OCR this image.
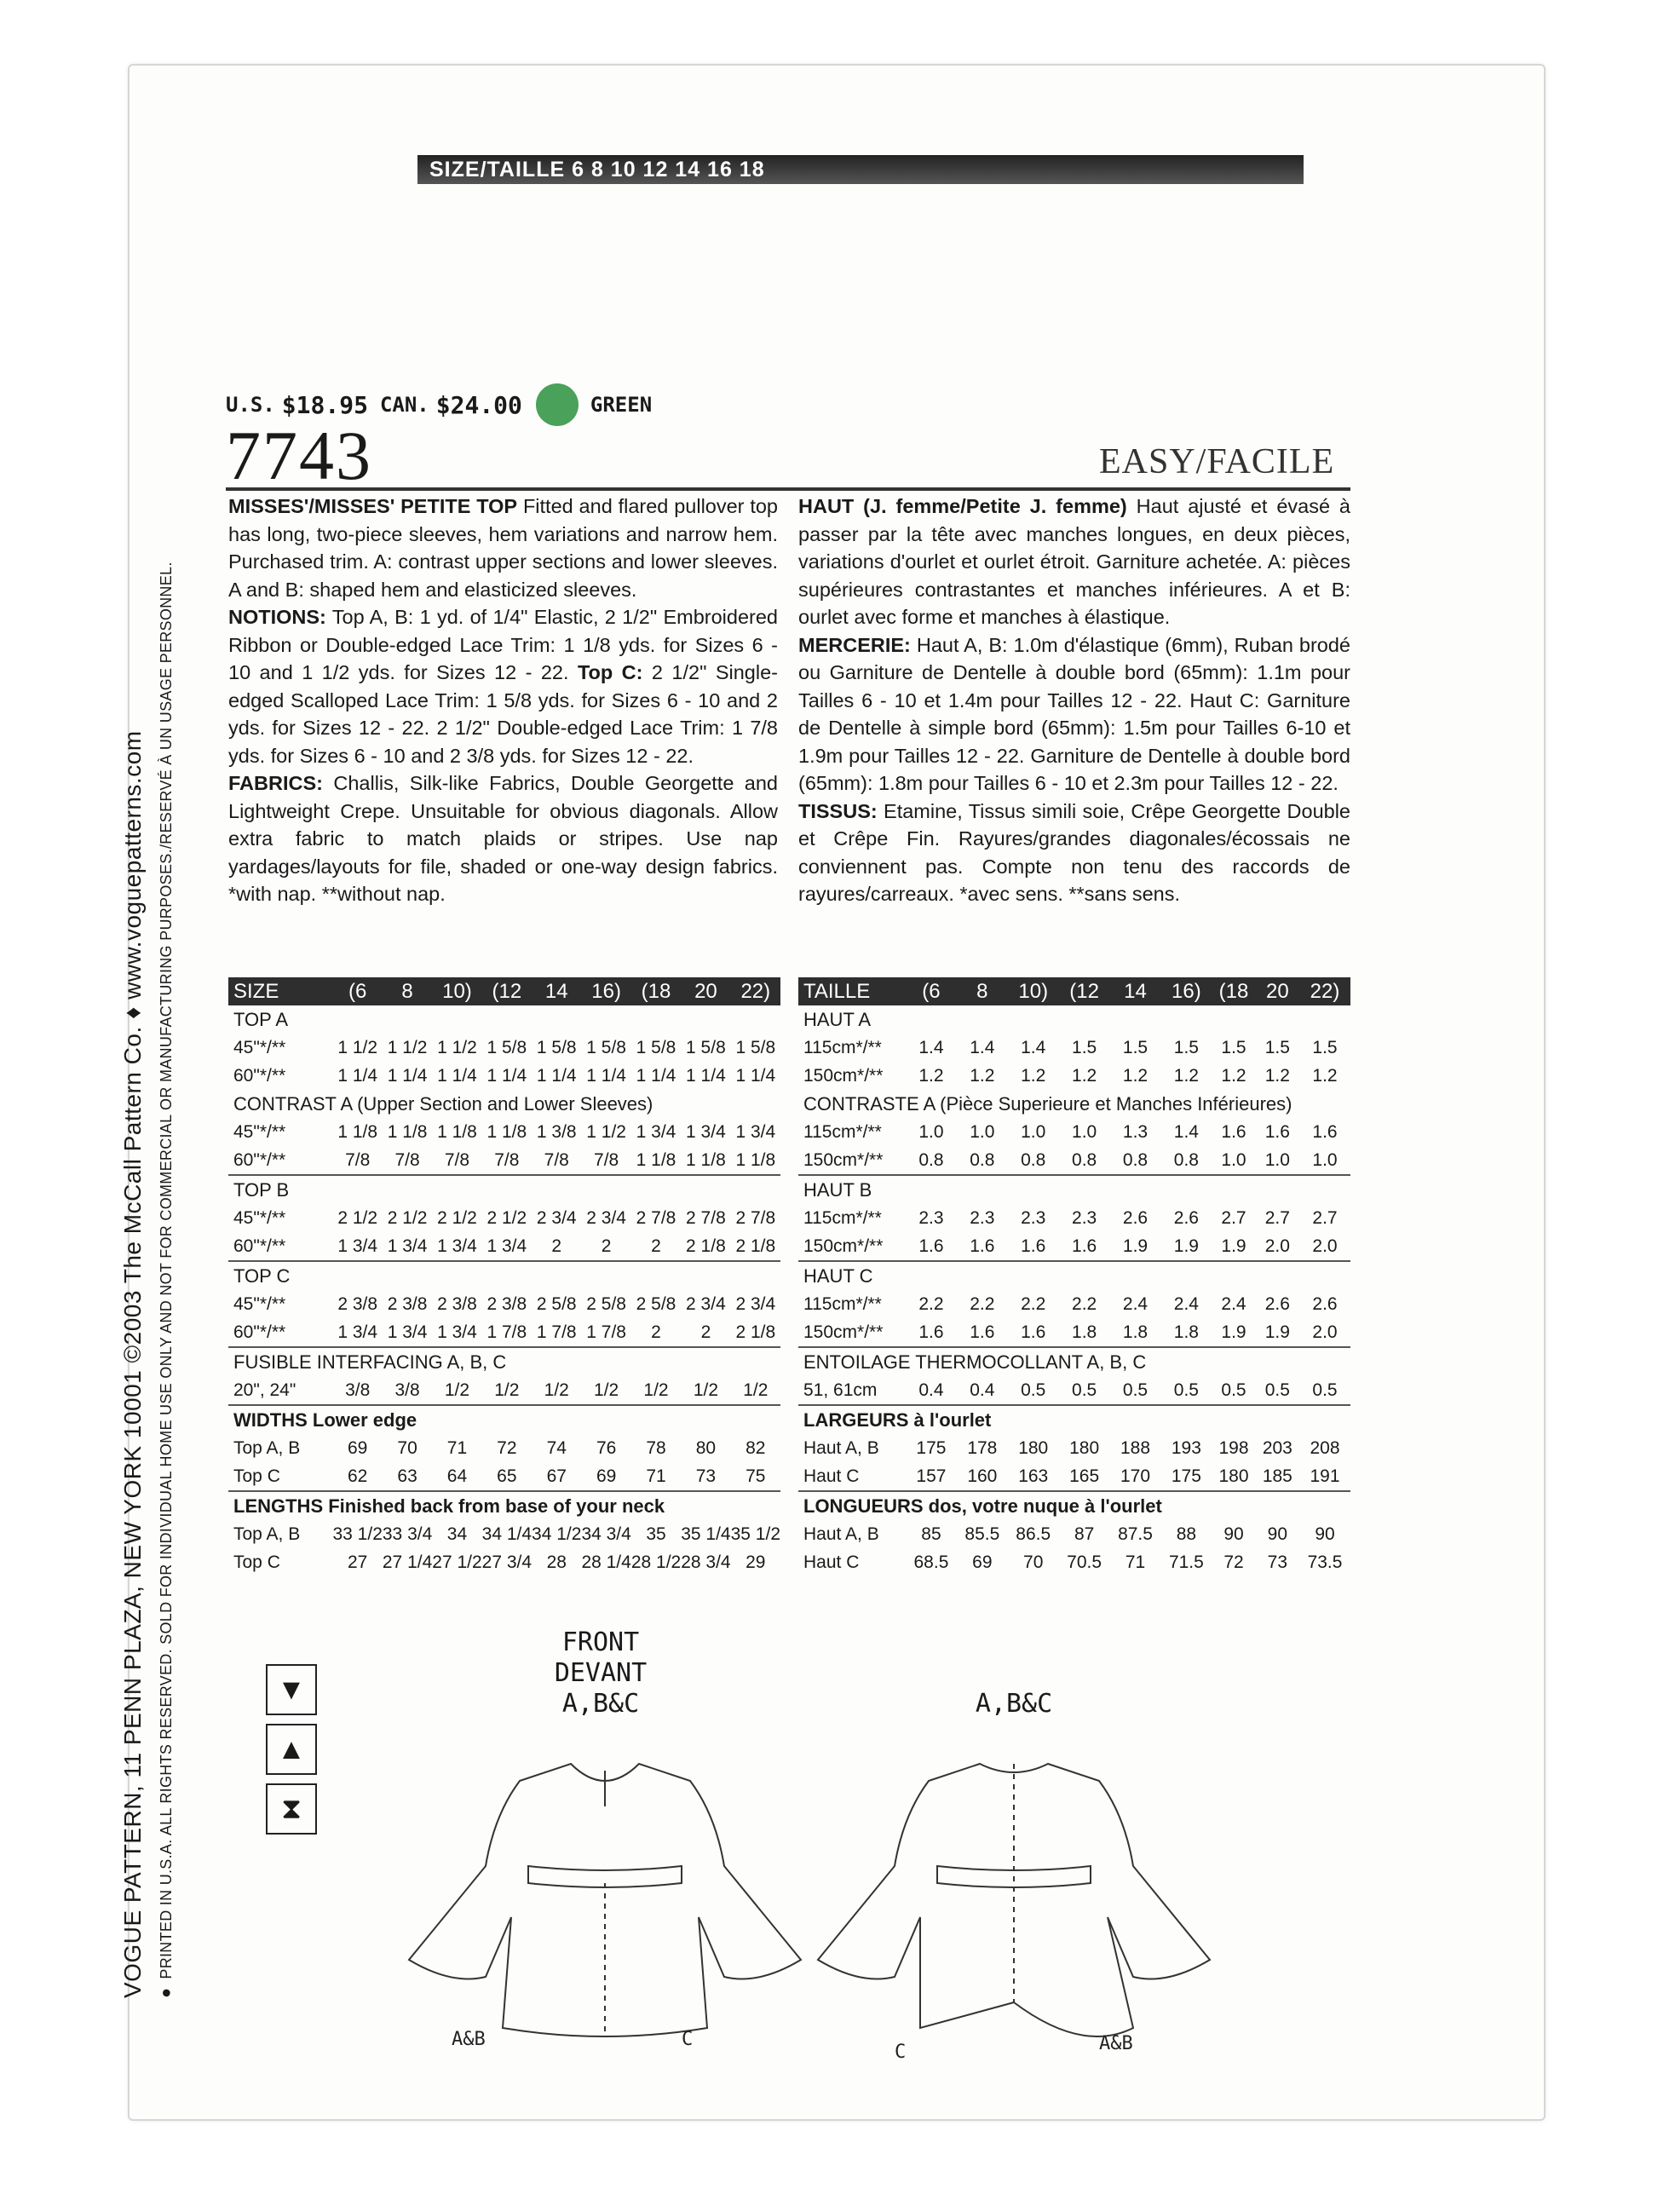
SIZE/TAILLE 6 8 10 12 14 16 18
VOGUE PATTERN, 11 PENN PLAZA, NEW YORK 10001 ©2003 The McCall Pattern Co. ♦ www.voguepatterns.com ●PRINTED IN U.S.A. ALL RIGHTS RESERVED. SOLD FOR INDIVIDUAL HOME USE ONLY AND NOT FOR COMMERCIAL OR MANUFACTURING PURPOSES./RESERVÉ À UN USAGE PERSONNEL.
U.S. $18.95 CAN. $24.00	GREEN
7743	EASY/FACILE
MISSES'/MISSES' PETITE TOP Fitted and flared pullover top has long, two-piece sleeves, hem variations and narrow hem. Purchased trim. A: contrast upper sections and lower sleeves. A and B: shaped hem and elasticized sleeves.
NOTIONS: Top A, B: 1 yd. of 1/4" Elastic, 2 1/2" Embroidered Ribbon or Double-edged Lace Trim: 1 1/8 yds. for Sizes 6 - 10 and 1 1/2 yds. for Sizes 12 - 22. Top C: 2 1/2" Single-edged Scalloped Lace Trim: 1 5/8 yds. for Sizes 6 - 10 and 2 yds. for Sizes 12 - 22. 2 1/2" Double-edged Lace Trim: 1 7/8 yds. for Sizes 6 - 10 and 2 3/8 yds. for Sizes 12 - 22.
FABRICS: Challis, Silk-like Fabrics, Double Georgette and Lightweight Crepe. Unsuitable for obvious diagonals. Allow extra fabric to match plaids or stripes. Use nap yardages/layouts for file, shaded or one-way design fabrics. *with nap. **without nap.
HAUT (J. femme/Petite J. femme) Haut ajusté et évasé à passer par la tête avec manches longues, en deux pièces, variations d'ourlet et ourlet étroit. Garniture achetée. A: pièces supérieures contrastantes et manches inférieures. A et B: ourlet avec forme et manches à élastique.
MERCERIE: Haut A, B: 1.0m d'élastique (6mm), Ruban brodé ou Garniture de Dentelle à double bord (65mm): 1.1m pour Tailles 6 - 10 et 1.4m pour Tailles 12 - 22. Haut C: Garniture de Dentelle à simple bord (65mm): 1.5m pour Tailles 6-10 et 1.9m pour Tailles 12 - 22. Garniture de Dentelle à double bord (65mm): 1.8m pour Tailles 6 - 10 et 2.3m pour Tailles 12 - 22.
TISSUS: Etamine, Tissus simili soie, Crêpe Georgette Double et Crêpe Fin. Rayures/grandes diagonales/écossais ne conviennent pas. Compte non tenu des raccords de rayures/carreaux. *avec sens. **sans sens.
SIZE	(6	8	10)	(12	14	16)	(18	20	22)
TOP A									
45"*/**	1 1/2	1 1/2	1 1/2	1 5/8	1 5/8	1 5/8	1 5/8	1 5/8	1 5/8
60"*/**	1 1/4	1 1/4	1 1/4	1 1/4	1 1/4	1 1/4	1 1/4	1 1/4	1 1/4
CONTRAST A (Upper Section and Lower Sleeves)									
45"*/**	1 1/8	1 1/8	1 1/8	1 1/8	1 3/8	1 1/2	1 3/4	1 3/4	1 3/4
60"*/**	7/8	7/8	7/8	7/8	7/8	7/8	1 1/8	1 1/8	1 1/8
TOP B									
45"*/**	2 1/2	2 1/2	2 1/2	2 1/2	2 3/4	2 3/4	2 7/8	2 7/8	2 7/8
60"*/**	1 3/4	1 3/4	1 3/4	1 3/4	2	2	2	2 1/8	2 1/8
TOP C									
45"*/**	2 3/8	2 3/8	2 3/8	2 3/8	2 5/8	2 5/8	2 5/8	2 3/4	2 3/4
60"*/**	1 3/4	1 3/4	1 3/4	1 7/8	1 7/8	1 7/8	2	2	2 1/8
FUSIBLE INTERFACING A, B, C									
20", 24"	3/8	3/8	1/2	1/2	1/2	1/2	1/2	1/2	1/2
WIDTHS Lower edge									
Top A, B	69	70	71	72	74	76	78	80	82
Top C	62	63	64	65	67	69	71	73	75
LENGTHS Finished back from base of your neck									
Top A, B	33 1/2	33 3/4	34	34 1/4	34 1/2	34 3/4	35	35 1/4	35 1/2
Top C	27	27 1/4	27 1/2	27 3/4	28	28 1/4	28 1/2	28 3/4	29
TAILLE	(6	8	10)	(12	14	16)	(18	20	22)
HAUT A									
115cm*/**	1.4	1.4	1.4	1.5	1.5	1.5	1.5	1.5	1.5
150cm*/**	1.2	1.2	1.2	1.2	1.2	1.2	1.2	1.2	1.2
CONTRASTE A (Pièce Superieure et Manches Inférieures)									
115cm*/**	1.0	1.0	1.0	1.0	1.3	1.4	1.6	1.6	1.6
150cm*/**	0.8	0.8	0.8	0.8	0.8	0.8	1.0	1.0	1.0
HAUT B									
115cm*/**	2.3	2.3	2.3	2.3	2.6	2.6	2.7	2.7	2.7
150cm*/**	1.6	1.6	1.6	1.6	1.9	1.9	1.9	2.0	2.0
HAUT C									
115cm*/**	2.2	2.2	2.2	2.2	2.4	2.4	2.4	2.6	2.6
150cm*/**	1.6	1.6	1.6	1.8	1.8	1.8	1.9	1.9	2.0
ENTOILAGE THERMOCOLLANT A, B, C									
51, 61cm	0.4	0.4	0.5	0.5	0.5	0.5	0.5	0.5	0.5
LARGEURS à l'ourlet									
Haut A, B	175	178	180	180	188	193	198	203	208
Haut C	157	160	163	165	170	175	180	185	191
LONGUEURS dos, votre nuque à l'ourlet									
Haut A, B	85	85.5	86.5	87	87.5	88	90	90	90
Haut C	68.5	69	70	70.5	71	71.5	72	73	73.5
▼
▲
⧗
FRONT
DEVANT
A,B&C	A,B&C
A&B	C
C	A&B
